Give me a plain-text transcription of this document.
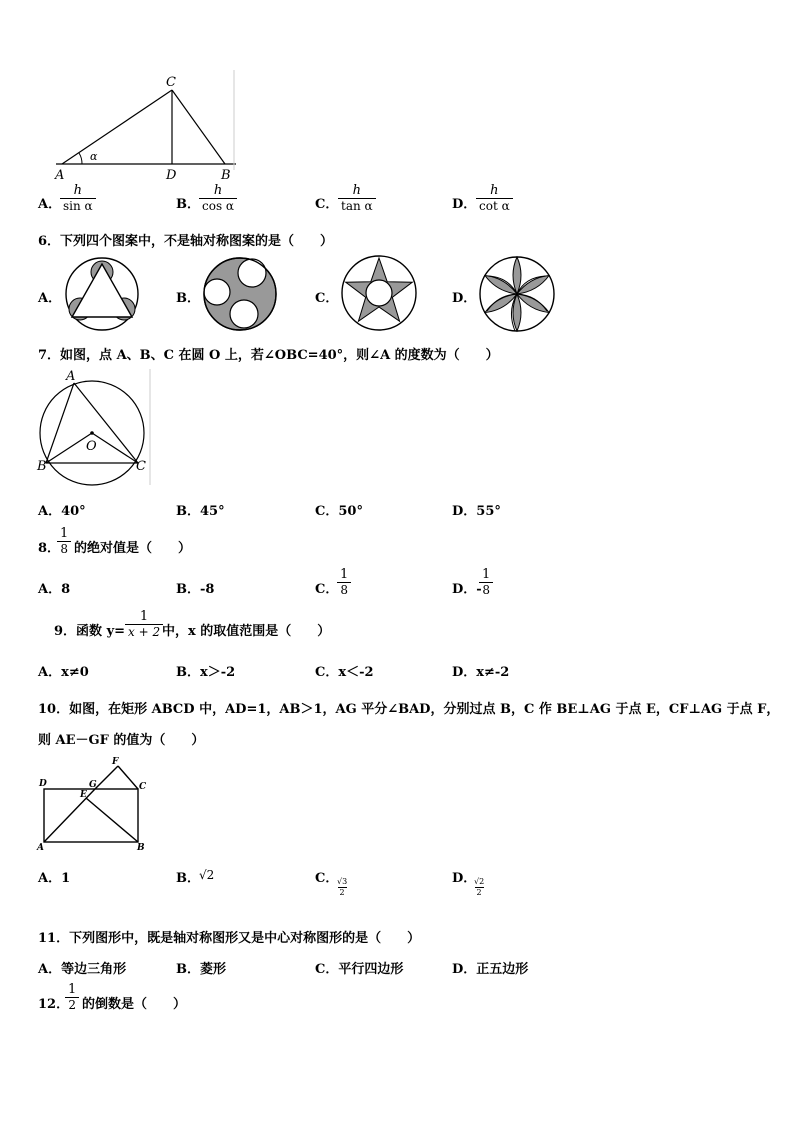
C
α
A	D	B
A．
$\frac{h}{\text{sin α}}$	B． $\frac{h}{\text{cos α}}$	C． $\frac{h}{\text{tan α}}$	D． $\frac{h}{\text{cot α}}$
6．下列四个图案中，不是轴对称图案的是（　　）
A．	B．	C．	D．
7．如图，点 A、B、C 在圆 O 上，若∠OBC=40°，则∠A 的度数为（　　）
A
O
B	C
A．40°	B．45°	C．50°	D．55°
8．
$\frac{1}{8}$ 的绝对值是（　　）
A．8	B．-8	C．
$\frac{1}{8}$	D．-
$\frac{1}{8}$
9．函数 $y= \frac{1}{x + 2}$
中，x 的取值范围是（　　）
A．x≠0	B．x＞-2	C．x＜-2	D．x≠-2
10．如图，在矩形 ABCD 中，AD=1，AB＞1，AG 平分∠BAD，分别过点 B，C 作 BE⊥AG 于点 E，CF⊥AG 于点 F，
则 AE－GF 的值为（　　）
F
D	G	C
E
A	B
A．1	B． √2	C．
$\frac{√3}{2}$	D．
$\frac{√2}{2}$
11．下列图形中，既是轴对称图形又是中心对称图形的是（　　）
A．等边三角形	B．菱形	C．平行四边形	D．正五边形
12．
$\frac{1}{2}$ 的倒数是（　　）
